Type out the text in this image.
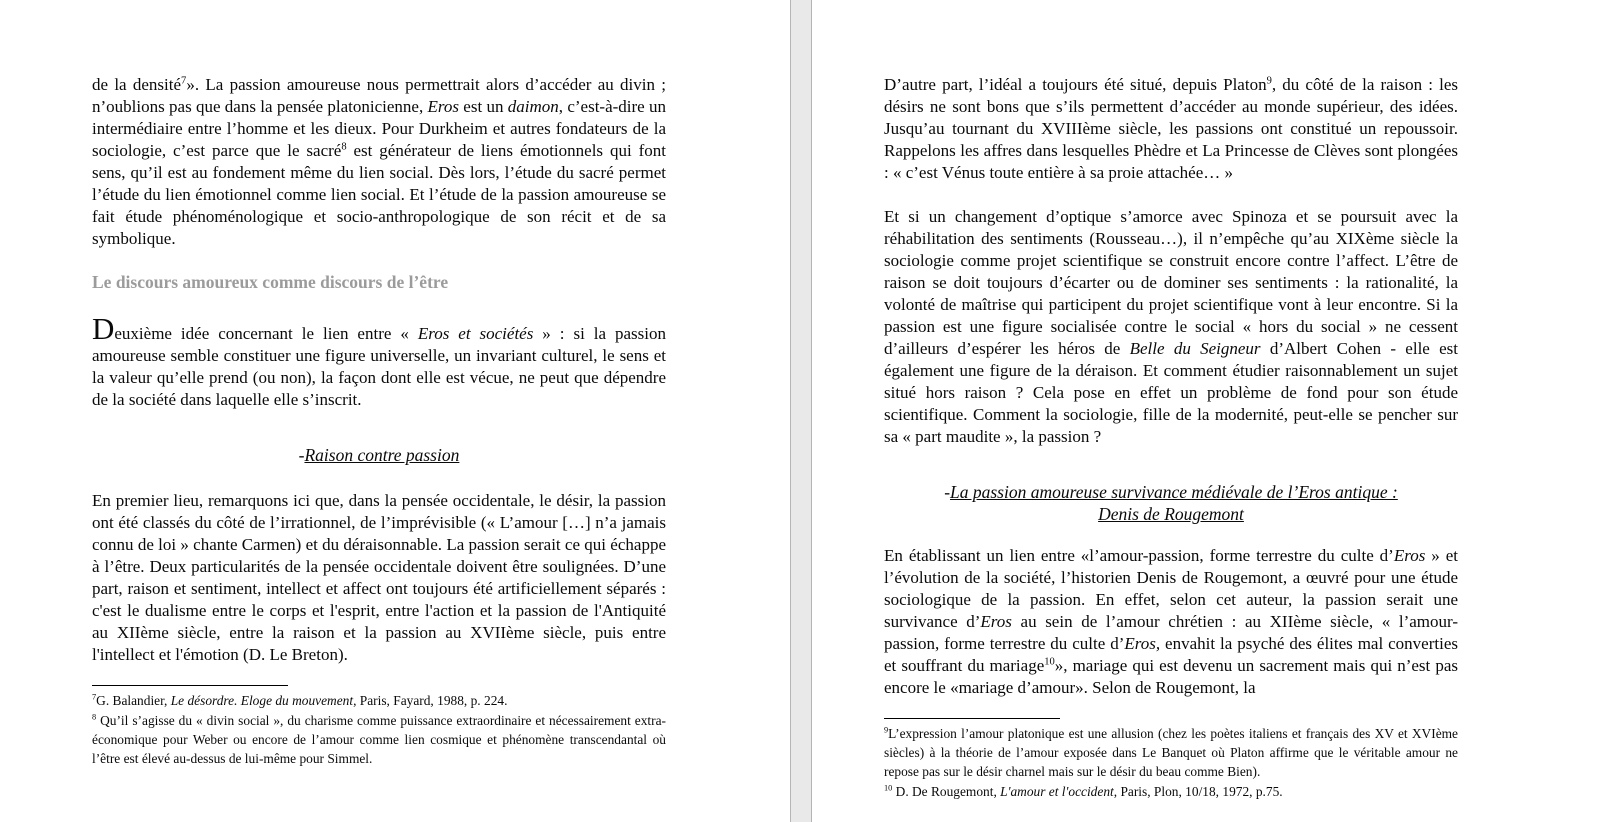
de la densité$^7$». La passion amoureuse nous permettrait alors d’accéder au divin ; n’oublions pas que dans la pensée platonicienne, Eros est un daimon, c’est-à-dire un intermédiaire entre l’homme et les dieux. Pour Durkheim et autres fondateurs de la sociologie, c’est parce que le sacré$^8$ est générateur de liens émotionnels qui font sens, qu’il est au fondement même du lien social. Dès lors, l’étude du sacré permet l’étude du lien émotionnel comme lien social. Et l’étude de la passion amoureuse se fait étude phénoménologique et socio-anthropologique de son récit et de sa symbolique.

Le discours amoureux comme discours de l’être

Deuxième idée concernant le lien entre « Eros et sociétés » : si la passion amoureuse semble constituer une figure universelle, un invariant culturel, le sens et la valeur qu’elle prend (ou non), la façon dont elle est vécue, ne peut que dépendre de la société dans laquelle elle s’inscrit.

-Raison contre passion

En premier lieu, remarquons ici que, dans la pensée occidentale, le désir, la passion ont été classés du côté de l’irrationnel, de l’imprévisible (« L’amour […] n’a jamais connu de loi » chante Carmen) et du déraisonnable. La passion serait ce qui échappe à l’être. Deux particularités de la pensée occidentale doivent être soulignées. D’une part, raison et sentiment, intellect et affect ont toujours été artificiellement séparés : c'est le dualisme entre le corps et l'esprit, entre l'action et la passion de l'Antiquité au XIIème siècle, entre la raison et la passion au XVIIème siècle, puis entre l'intellect et l'émotion (D. Le Breton).

$^7$G. Balandier, Le désordre. Eloge du mouvement, Paris, Fayard, 1988, p. 224.

$^8$ Qu’il s’agisse du « divin social », du charisme comme puissance extraordinaire et nécessairement extra-économique pour Weber ou encore de l’amour comme lien cosmique et phénomène transcendantal où l’être est élevé au-dessus de lui-même pour Simmel.

D’autre part, l’idéal a toujours été situé, depuis Platon$^9$, du côté de la raison : les désirs ne sont bons que s’ils permettent d’accéder au monde supérieur, des idées. Jusqu’au tournant du XVIIIème siècle, les passions ont constitué un repoussoir. Rappelons les affres dans lesquelles Phèdre et La Princesse de Clèves sont plongées : « c’est Vénus toute entière à sa proie attachée… »

Et si un changement d’optique s’amorce avec Spinoza et se poursuit avec la réhabilitation des sentiments (Rousseau…), il n’empêche qu’au XIXème siècle la sociologie comme projet scientifique se construit encore contre l’affect. L’être de raison se doit toujours d’écarter ou de dominer ses sentiments : la rationalité, la volonté de maîtrise qui participent du projet scientifique vont à leur encontre. Si la passion est une figure socialisée contre le social « hors du social » ne cessent d’ailleurs d’espérer les héros de Belle du Seigneur d’Albert Cohen - elle est également une figure de la déraison. Et comment étudier raisonnablement un sujet situé hors raison ? Cela pose en effet un problème de fond pour son étude scientifique. Comment la sociologie, fille de la modernité, peut-elle se pencher sur sa « part maudite », la passion ?

-La passion amoureuse survivance médiévale de l’Eros antique :
Denis de Rougemont

En établissant un lien entre «l’amour-passion, forme terrestre du culte d’Eros » et l’évolution de la société, l’historien Denis de Rougemont, a œuvré pour une étude sociologique de la passion. En effet, selon cet auteur, la passion serait une survivance d’Eros au sein de l’amour chrétien : au XIIème siècle, « l’amour-passion, forme terrestre du culte d’Eros, envahit la psyché des élites mal converties et souffrant du mariage$^{10}$», mariage qui est devenu un sacrement mais qui n’est pas encore le «mariage d’amour». Selon de Rougemont, la

$^9$L’expression l’amour platonique est une allusion (chez les poètes italiens et français des XV et XVIème siècles) à la théorie de l’amour exposée dans Le Banquet où Platon affirme que le véritable amour ne repose pas sur le désir charnel mais sur le désir du beau comme Bien).

$^{10}$ D. De Rougemont, L'amour et l'occident, Paris, Plon, 10/18, 1972, p.75.
